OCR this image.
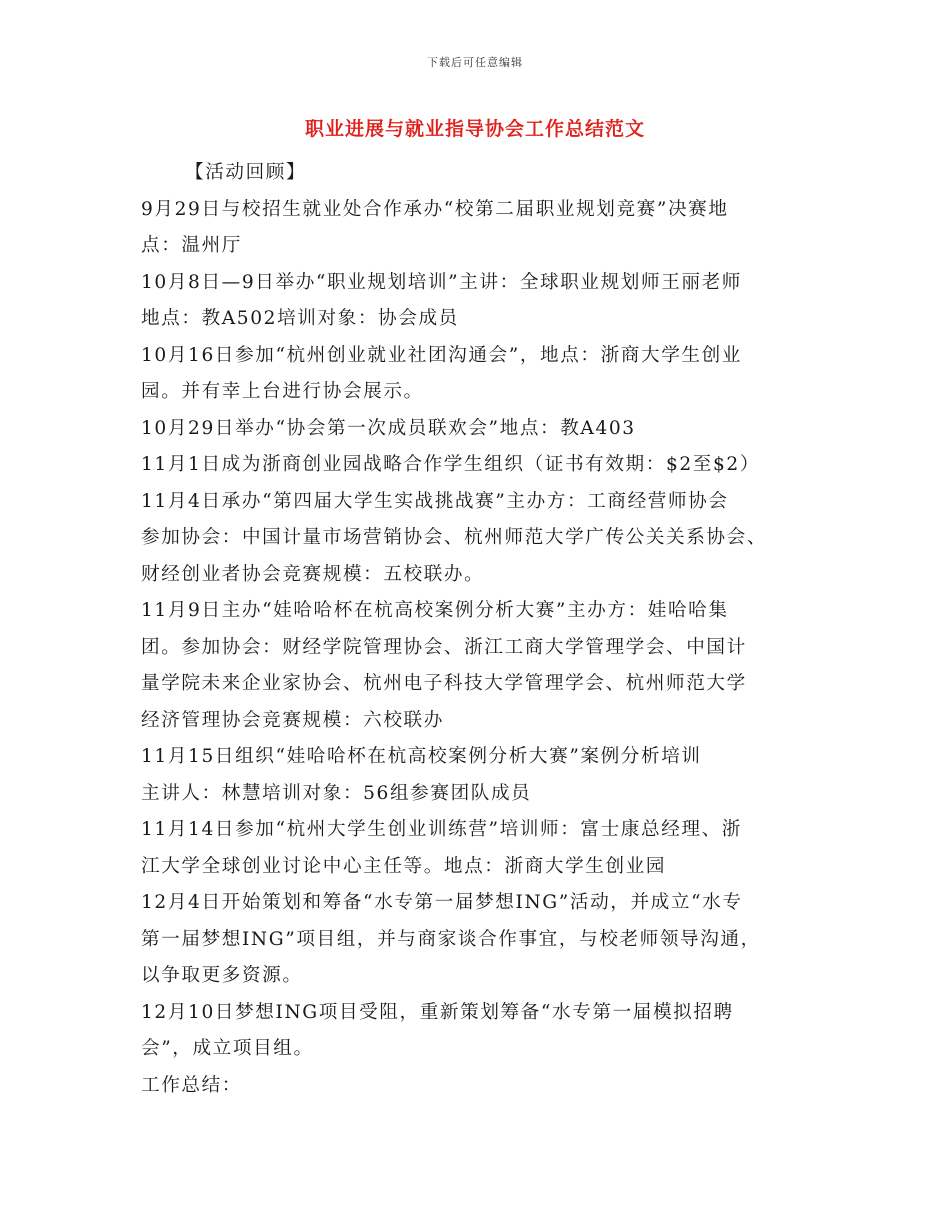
下载后可任意编辑
职业进展与就业指导协会工作总结范文
【活动回顾】
9月29日与校招生就业处合作承办“校第二届职业规划竞赛”决赛地
点：温州厅
10月8日—9日举办“职业规划培训”主讲：全球职业规划师王丽老师
地点：教A502培训对象：协会成员
10月16日参加“杭州创业就业社团沟通会”，地点：浙商大学生创业
园。并有幸上台进行协会展示。
10月29日举办“协会第一次成员联欢会”地点：教A403
11月1日成为浙商创业园战略合作学生组织（证书有效期：$2至$2）
11月4日承办“第四届大学生实战挑战赛”主办方：工商经营师协会
参加协会：中国计量市场营销协会、杭州师范大学广传公关关系协会、
财经创业者协会竞赛规模：五校联办。
11月9日主办“娃哈哈杯在杭高校案例分析大赛”主办方：娃哈哈集
团。参加协会：财经学院管理协会、浙江工商大学管理学会、中国计
量学院未来企业家协会、杭州电子科技大学管理学会、杭州师范大学
经济管理协会竞赛规模：六校联办
11月15日组织“娃哈哈杯在杭高校案例分析大赛”案例分析培训
主讲人：林慧培训对象：56组参赛团队成员
11月14日参加“杭州大学生创业训练营”培训师：富士康总经理、浙
江大学全球创业讨论中心主任等。地点：浙商大学生创业园
12月4日开始策划和筹备“水专第一届梦想ING”活动，并成立“水专
第一届梦想ING”项目组，并与商家谈合作事宜，与校老师领导沟通，
以争取更多资源。
12月10日梦想ING项目受阻，重新策划筹备“水专第一届模拟招聘
会”，成立项目组。
工作总结：
